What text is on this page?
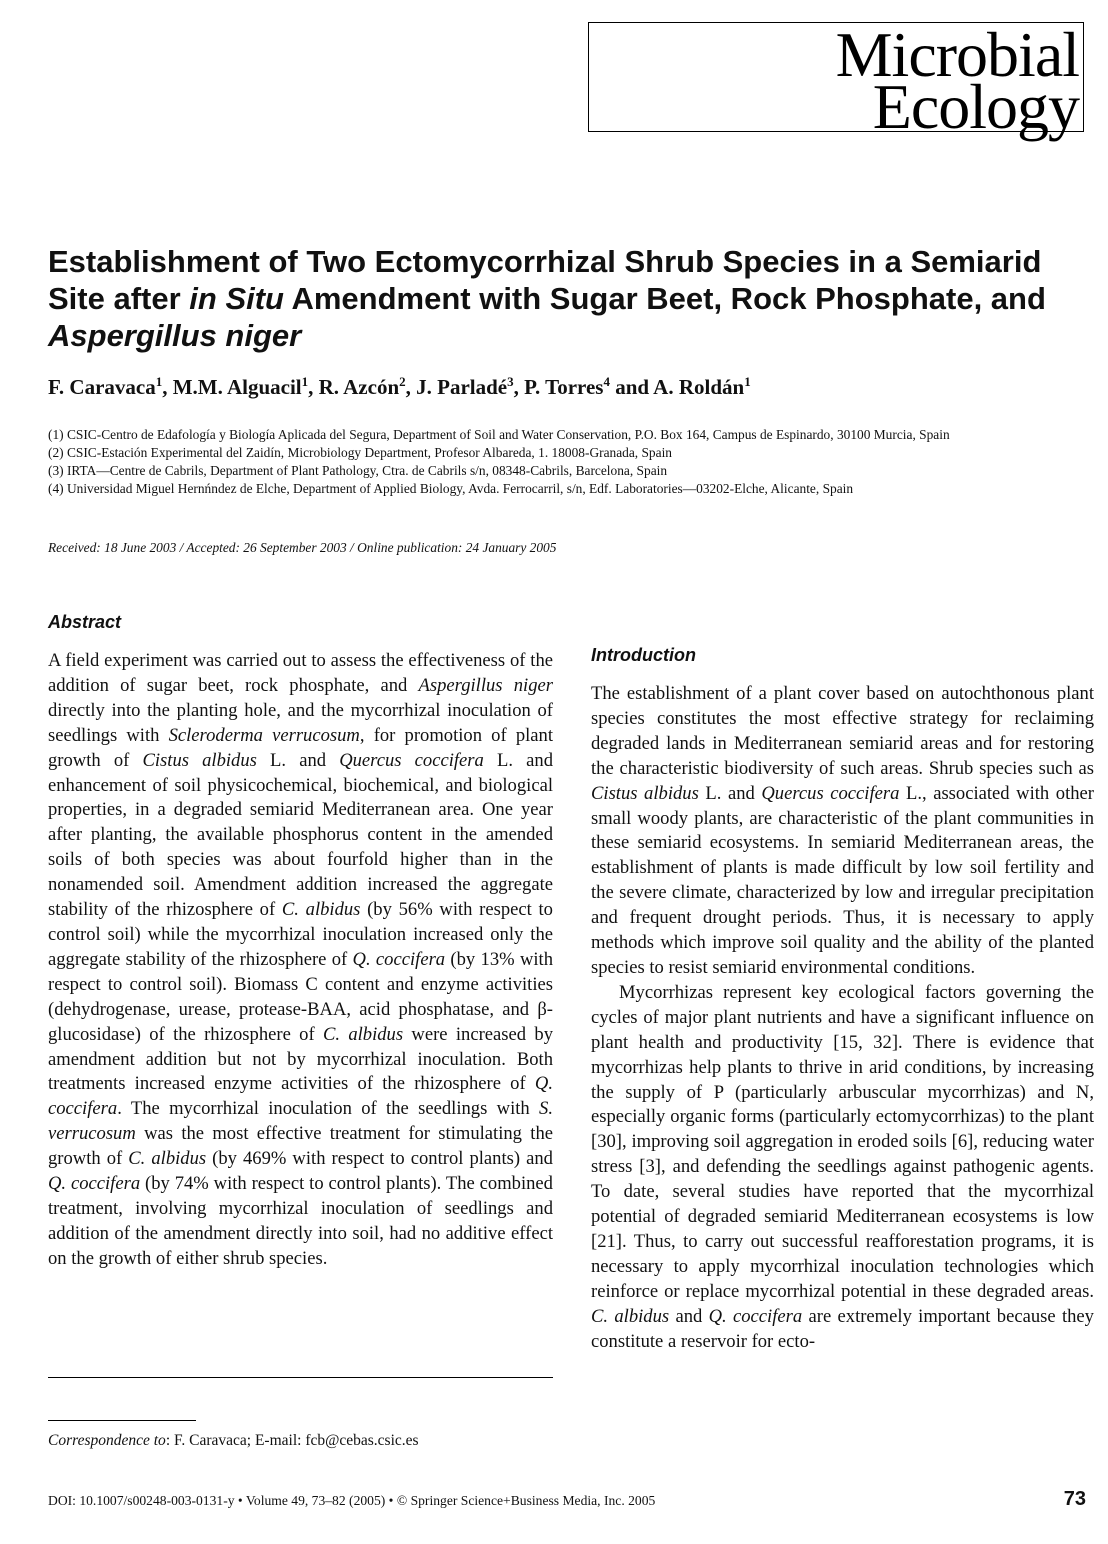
Microbial
Ecology
Establishment of Two Ectomycorrhizal Shrub Species in a Semiarid Site after in Situ Amendment with Sugar Beet, Rock Phosphate, and Aspergillus niger

F. Caravaca$^1$, M.M. Alguacil$^1$, R. Azcón$^2$, J. Parladé$^3$, P. Torres$^4$ and A. Roldán$^1$

(1) CSIC-Centro de Edafología y Biología Aplicada del Segura, Department of Soil and Water Conservation, P.O. Box 164, Campus de Espinardo, 30100 Murcia, Spain
(2) CSIC-Estación Experimental del Zaidín, Microbiology Department, Profesor Albareda, 1. 18008-Granada, Spain
(3) IRTA—Centre de Cabrils, Department of Plant Pathology, Ctra. de Cabrils s/n, 08348-Cabrils, Barcelona, Spain
(4) Universidad Miguel Hernńndez de Elche, Department of Applied Biology, Avda. Ferrocarril, s/n, Edf. Laboratories—03202-Elche, Alicante, Spain
Received: 18 June 2003 / Accepted: 26 September 2003 / Online publication: 24 January 2005
Abstract

A field experiment was carried out to assess the effectiveness of the addition of sugar beet, rock phosphate, and Aspergillus niger directly into the planting hole, and the mycorrhizal inoculation of seedlings with Scleroderma verrucosum, for promotion of plant growth of Cistus albidus L. and Quercus coccifera L. and enhancement of soil physicochemical, biochemical, and biological properties, in a degraded semiarid Mediterranean area. One year after planting, the available phosphorus content in the amended soils of both species was about fourfold higher than in the nonamended soil. Amendment addition increased the aggregate stability of the rhizosphere of C. albidus (by 56% with respect to control soil) while the mycorrhizal inoculation increased only the aggregate stability of the rhizosphere of Q. coccifera (by 13% with respect to control soil). Biomass C content and enzyme activities (dehydrogenase, urease, protease-BAA, acid phosphatase, and β-glucosidase) of the rhizosphere of C. albidus were increased by amendment addition but not by mycorrhizal inoculation. Both treatments increased enzyme activities of the rhizosphere of Q. coccifera. The mycorrhizal inoculation of the seedlings with S. verrucosum was the most effective treatment for stimulating the growth of C. albidus (by 469% with respect to control plants) and Q. coccifera (by 74% with respect to control plants). The combined treatment, involving mycorrhizal inoculation of seedlings and addition of the amendment directly into soil, had no additive effect on the growth of either shrub species.

Introduction

The establishment of a plant cover based on autochthonous plant species constitutes the most effective strategy for reclaiming degraded lands in Mediterranean semiarid areas and for restoring the characteristic biodiversity of such areas. Shrub species such as Cistus albidus L. and Quercus coccifera L., associated with other small woody plants, are characteristic of the plant communities in these semiarid ecosystems. In semiarid Mediterranean areas, the establishment of plants is made difficult by low soil fertility and the severe climate, characterized by low and irregular precipitation and frequent drought periods. Thus, it is necessary to apply methods which improve soil quality and the ability of the planted species to resist semiarid environmental conditions.

Mycorrhizas represent key ecological factors governing the cycles of major plant nutrients and have a significant influence on plant health and productivity [15, 32]. There is evidence that mycorrhizas help plants to thrive in arid conditions, by increasing the supply of P (particularly arbuscular mycorrhizas) and N, especially organic forms (particularly ectomycorrhizas) to the plant [30], improving soil aggregation in eroded soils [6], reducing water stress [3], and defending the seedlings against pathogenic agents. To date, several studies have reported that the mycorrhizal potential of degraded semiarid Mediterranean ecosystems is low [21]. Thus, to carry out successful reafforestation programs, it is necessary to apply mycorrhizal inoculation technologies which reinforce or replace mycorrhizal potential in these degraded areas. C. albidus and Q. coccifera are extremely important because they constitute a reservoir for ecto-

Correspondence to: F. Caravaca; E-mail: fcb@cebas.csic.es
DOI: 10.1007/s00248-003-0131-y • Volume 49, 73–82 (2005) • © Springer Science+Business Media, Inc. 2005	73
